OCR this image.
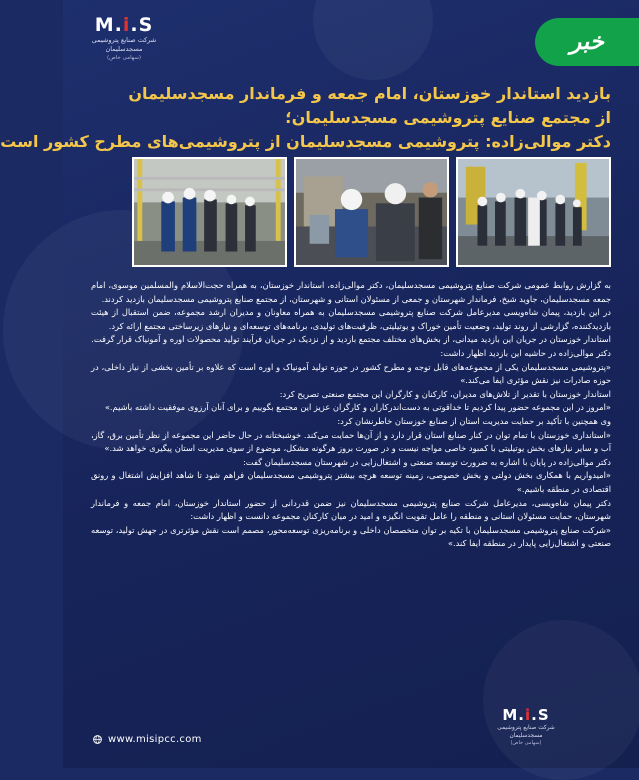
M.i.S
شرکت صنایع پتروشیمی مسجدسلیمان
(سهامی خاص)
خبر
بازدید استاندار خوزستان، امام جمعه و فرماندار مسجدسلیمان
از مجتمع صنایع پتروشیمی مسجدسلیمان؛
دکتر موالی‌زاده: پتروشیمی مسجدسلیمان از پتروشیمی‌های مطرح کشور است

به گزارش روابط عمومی شرکت صنایع پتروشیمی مسجدسلیمان، دکتر موالی‌زاده، استاندار خوزستان، به همراه حجت‌الاسلام والمسلمین موسوی، امام جمعه مسجدسلیمان، جاوید شیخ، فرماندار شهرستان و جمعی از مسئولان استانی و شهرستان، از مجتمع صنایع پتروشیمی مسجدسلیمان بازدید کردند.

در این بازدید، پیمان شاه‌ویسی مدیرعامل شرکت صنایع پتروشیمی مسجدسلیمان به همراه معاونان و مدیران ارشد مجموعه، ضمن استقبال از هیئت بازدیدکننده، گزارشی از روند تولید، وضعیت تأمین خوراک و یوتیلیتی، ظرفیت‌های تولیدی، برنامه‌های توسعه‌ای و نیازهای زیرساختی مجتمع ارائه کرد.

استاندار خوزستان در جریان این بازدید میدانی، از بخش‌های مختلف مجتمع بازدید و از نزدیک در جریان فرآیند تولید محصولات اوره و آمونیاک قرار گرفت.

دکتر موالی‌زاده در حاشیه این بازدید اظهار داشت:

«پتروشیمی مسجدسلیمان یکی از مجموعه‌های قابل توجه و مطرح کشور در حوزه تولید آمونیاک و اوره است که علاوه بر تأمین بخشی از نیاز داخلی، در حوزه صادرات نیز نقش مؤثری ایفا می‌کند.»

استاندار خوزستان با تقدیر از تلاش‌های مدیران، کارکنان و کارگران این مجتمع صنعتی تصریح کرد:

«امروز در این مجموعه حضور پیدا کردیم تا خداقوتی به دست‌اندرکاران و کارگران عزیز این مجتمع بگوییم و برای آنان آرزوی موفقیت داشته باشیم.»

وی همچنین با تأکید بر حمایت مدیریت استان از صنایع خوزستان خاطرنشان کرد:

«استانداری خوزستان با تمام توان در کنار صنایع استان قرار دارد و از آن‌ها حمایت می‌کند. خوشبختانه در حال حاضر این مجموعه از نظر تأمین برق، گاز، آب و سایر نیازهای بخش یوتیلیتی با کمبود خاصی مواجه نیست و در صورت بروز هرگونه مشکل، موضوع از سوی مدیریت استان پیگیری خواهد شد.»

دکتر موالی‌زاده در پایان با اشاره به ضرورت توسعه صنعتی و اشتغال‌زایی در شهرستان مسجدسلیمان گفت:

«امیدواریم با همکاری بخش دولتی و بخش خصوصی، زمینه توسعه هرچه بیشتر پتروشیمی مسجدسلیمان فراهم شود تا شاهد افزایش اشتغال و رونق اقتصادی در منطقه باشیم.»

دکتر پیمان شاه‌ویسی، مدیرعامل شرکت صنایع پتروشیمی مسجدسلیمان نیز ضمن قدردانی از حضور استاندار خوزستان، امام جمعه و فرماندار شهرستان، حمایت مسئولان استانی و منطقه را عامل تقویت انگیزه و امید در میان کارکنان مجموعه دانست و اظهار داشت:

«شرکت صنایع پتروشیمی مسجدسلیمان با تکیه بر توان متخصصان داخلی و برنامه‌ریزی توسعه‌محور، مصمم است نقش مؤثرتری در جهش تولید، توسعه صنعتی و اشتغال‌زایی پایدار در منطقه ایفا کند.»

www.misipcc.com
M.i.S
شرکت صنایع پتروشیمی مسجدسلیمان
(سهامی خاص)
